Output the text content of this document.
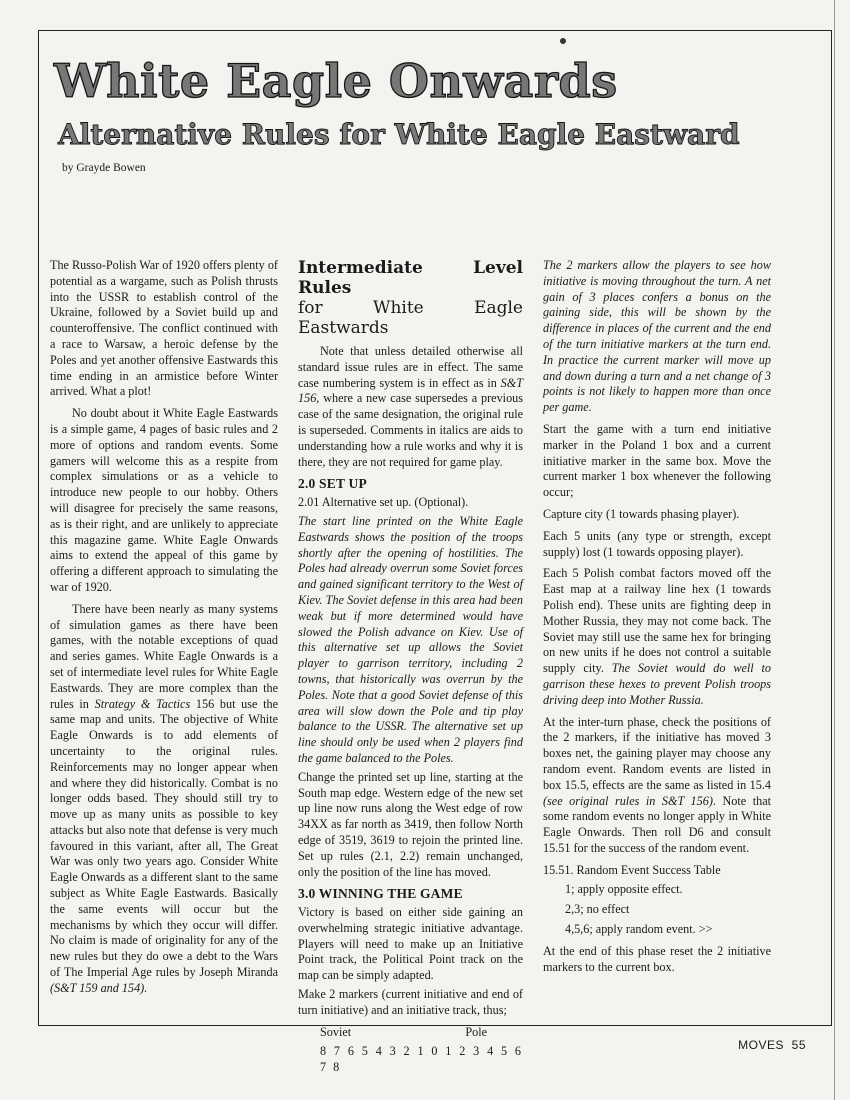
White Eagle Onwards
Alternative Rules for White Eagle Eastward
by Grayde Bowen

The Russo-Polish War of 1920 offers plenty of potential as a wargame, such as Polish thrusts into the USSR to establish control of the Ukraine, followed by a Soviet build up and counteroffensive. The conflict continued with a race to Warsaw, a heroic defense by the Poles and yet another offensive Eastwards this time ending in an armistice before Winter arrived. What a plot!

No doubt about it White Eagle Eastwards is a simple game, 4 pages of basic rules and 2 more of options and random events. Some gamers will welcome this as a respite from complex simulations or as a vehicle to introduce new people to our hobby. Others will disagree for precisely the same reasons, as is their right, and are unlikely to appreciate this magazine game. White Eagle Onwards aims to extend the appeal of this game by offering a different approach to simulating the war of 1920.

There have been nearly as many systems of simulation games as there have been games, with the notable exceptions of quad and series games. White Eagle Onwards is a set of intermediate level rules for White Eagle Eastwards. They are more complex than the rules in Strategy & Tactics 156 but use the same map and units. The objective of White Eagle Onwards is to add elements of uncertainty to the original rules. Reinforcements may no longer appear when and where they did historically. Combat is no longer odds based. They should still try to move up as many units as possible to key attacks but also note that defense is very much favoured in this variant, after all, The Great War was only two years ago. Consider White Eagle Onwards as a different slant to the same subject as White Eagle Eastwards. Basically the same events will occur but the mechanisms by which they occur will differ. No claim is made of originality for any of the new rules but they do owe a debt to the Wars of The Imperial Age rules by Joseph Miranda (S&T 159 and 154).

Intermediate Level Rules
for White Eagle Eastwards

Note that unless detailed otherwise all standard issue rules are in effect. The same case numbering system is in effect as in S&T 156, where a new case supersedes a previous case of the same designation, the original rule is superseded. Comments in italics are aids to understanding how a rule works and why it is there, they are not required for game play.

2.0 SET UP

2.01 Alternative set up. (Optional).

The start line printed on the White Eagle Eastwards shows the position of the troops shortly after the opening of hostilities. The Poles had already overrun some Soviet forces and gained significant territory to the West of Kiev. The Soviet defense in this area had been weak but if more determined would have slowed the Polish advance on Kiev. Use of this alternative set up allows the Soviet player to garrison territory, including 2 towns, that historically was overrun by the Poles. Note that a good Soviet defense of this area will slow down the Pole and tip play balance to the USSR. The alternative set up line should only be used when 2 players find the game balanced to the Poles.

Change the printed set up line, starting at the South map edge. Western edge of the new set up line now runs along the West edge of row 34XX as far north as 3419, then follow North edge of 3519, 3619 to rejoin the printed line. Set up rules (2.1, 2.2) remain unchanged, only the position of the line has moved.

3.0 WINNING THE GAME

Victory is based on either side gaining an overwhelming strategic initiative advantage. Players will need to make up an Initiative Point track, the Political Point track on the map can be simply adapted.

Make 2 markers (current initiative and end of turn initiative) and an initiative track, thus;

Soviet	Pole
8 7 6 5 4 3 2 1 0 1 2 3 4 5 6 7 8

The 2 markers allow the players to see how initiative is moving throughout the turn. A net gain of 3 places confers a bonus on the gaining side, this will be shown by the difference in places of the current and the end of the turn initiative markers at the turn end. In practice the current marker will move up and down during a turn and a net change of 3 points is not likely to happen more than once per game.

Start the game with a turn end initiative marker in the Poland 1 box and a current initiative marker in the same box. Move the current marker 1 box whenever the following occur;

Capture city (1 towards phasing player).

Each 5 units (any type or strength, except supply) lost (1 towards opposing player).

Each 5 Polish combat factors moved off the East map at a railway line hex (1 towards Polish end). These units are fighting deep in Mother Russia, they may not come back. The Soviet may still use the same hex for bringing on new units if he does not control a suitable supply city. The Soviet would do well to garrison these hexes to prevent Polish troops driving deep into Mother Russia.

At the inter-turn phase, check the positions of the 2 markers, if the initiative has moved 3 boxes net, the gaining player may choose any random event. Random events are listed in box 15.5, effects are the same as listed in 15.4 (see original rules in S&T 156). Note that some random events no longer apply in White Eagle Onwards. Then roll D6 and consult 15.51 for the success of the random event.

15.51. Random Event Success Table

1; apply opposite effect.

2,3; no effect

4,5,6; apply random event. >>

At the end of this phase reset the 2 initiative markers to the current box.

MOVES 55
